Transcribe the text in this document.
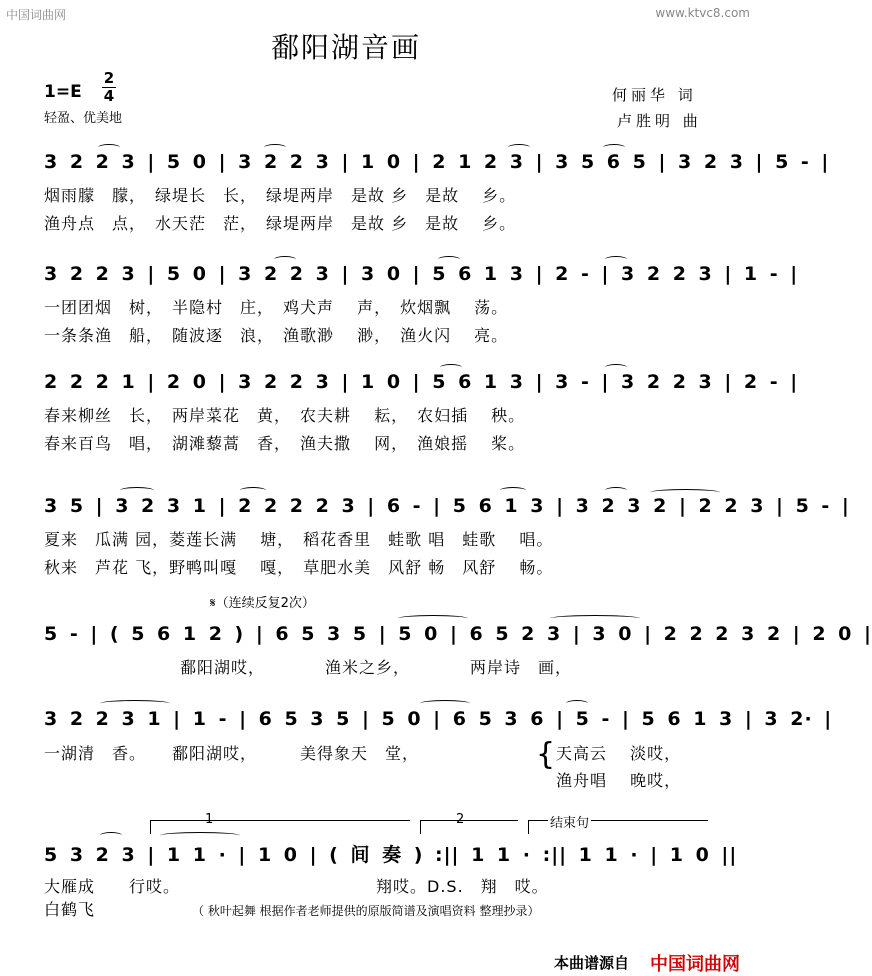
中国词曲网	www.ktvc8.com
鄱阳湖音画
1=E
2
4
轻盈、优美地
何丽华 词
卢胜明 曲
3 2 2 3 | 5 0 | 3 2 2 3 | 1 0 | 2 1 2 3 | 3 5 6 5 | 3 2 3 | 5 - |
烟雨朦　朦，　绿堤长　长，　绿堤两岸　是故 乡　是故　 乡。
渔舟点　点，　水天茫　茫，　绿堤两岸　是故 乡　是故　 乡。
3 2 2 3 | 5 0 | 3 2 2 3 | 3 0 | 5 6 1 3 | 2 - | 3 2 2 3 | 1 - |
一团团烟　树，　半隐村　庄，　鸡犬声　 声，　炊烟飘　 荡。
一条条渔　船，　随波逐　浪，　渔歌渺　 渺，　渔火闪　 亮。
2 2 2 1 | 2 0 | 3 2 2 3 | 1 0 | 5 6 1 3 | 3 - | 3 2 2 3 | 2 - |
春来柳丝　长，　两岸菜花　黄，　农夫耕　 耘，　农妇插　 秧。
春来百鸟　唱，　湖滩藜蒿　香，　渔夫撒　 网，　渔娘摇　 桨。
3 5 | 3 2 3 1 | 2 2 2 2 3 | 6 - | 5 6 1 3 | 3 2 3 2 | 2 2 3 | 5 - |
夏来　瓜满 园，菱莲长满　 塘，　稻花香里　蛙歌 唱　蛙歌　 唱。
秋来　芦花 飞，野鸭叫嘎　 嘎，　草肥水美　风舒 畅　风舒　 畅。
𝄋（连续反复2次）
5 - | ( 5 6 1 2 ) | 6 5 3 5 | 5 0 | 6 5 2 3 | 3 0 | 2 2 2 3 2 | 2 0 |
　　　　　　　　鄱阳湖哎，　　　　渔米之乡，　　　　两岸诗　画，
3 2 2 3 1 | 1 - | 6 5 3 5 | 5 0 | 6 5 3 6 | 5 - | 5 6 1 3 | 3 2· |
一湖清　香。　　鄱阳湖哎，　　　美得象天　堂，	{ 天高云　 淡哎，
渔舟唱　 晚哎，
1	2	结束句
5 3 2 3 | 1 1 · | 1 0 | ( 间 奏 ) :|| 1 1 · :|| 1 1 · | 1 0 ||
大雁成　　行哎。　　　　　　　　　　　　翔哎。D.S.　翔　哎。
白鹤飞	（ 秋叶起舞 根据作者老师提供的原版简谱及演唱资料 整理抄录）
本曲谱源自 中国词曲网
